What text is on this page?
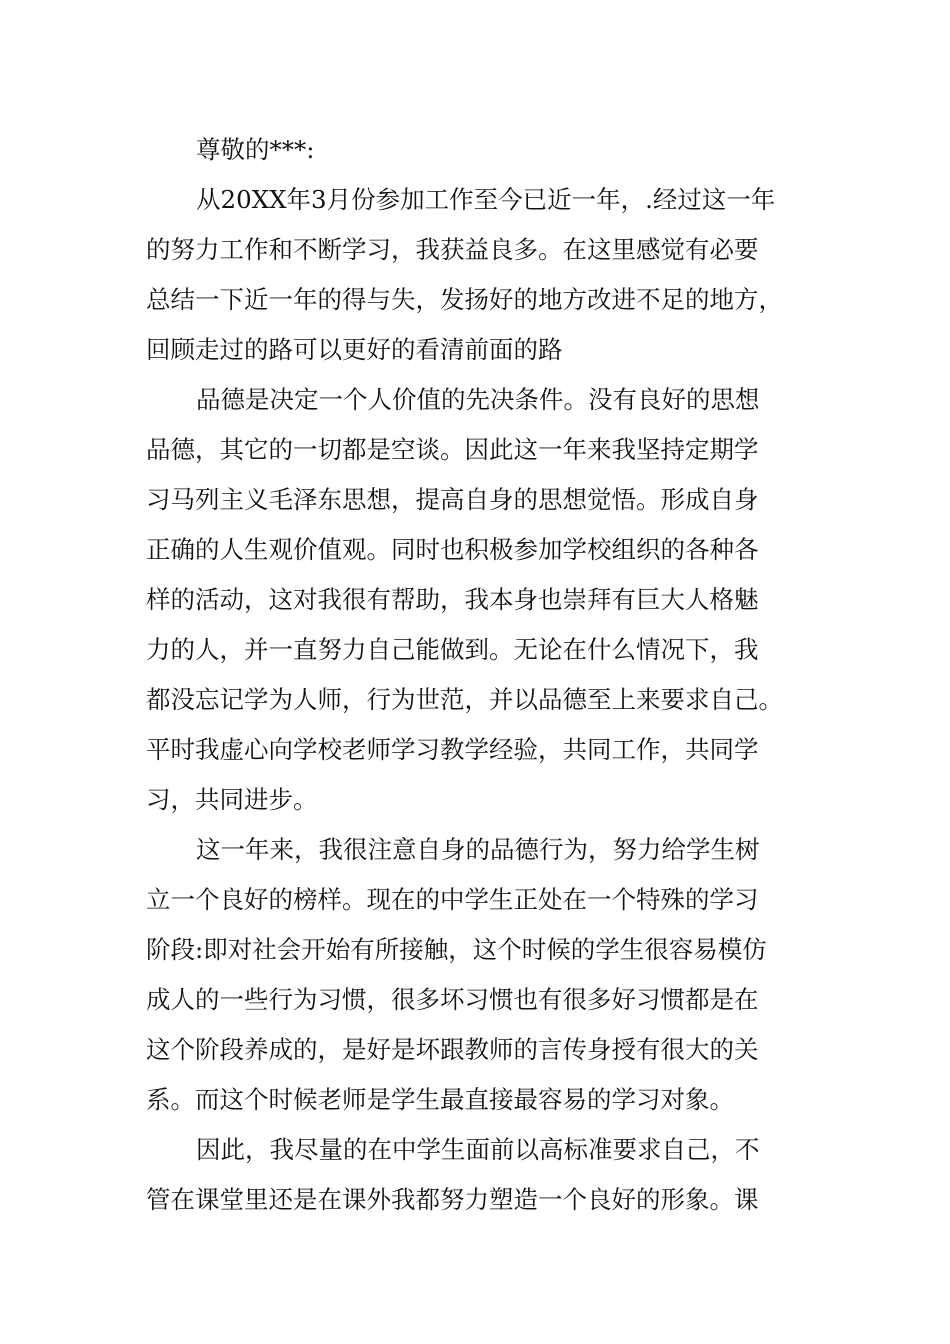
尊敬的***:

从20XX年3月份参加工作至今已近一年，.经过这一年

的努力工作和不断学习，我获益良多。在这里感觉有必要

总结一下近一年的得与失，发扬好的地方改进不足的地方，

回顾走过的路可以更好的看清前面的路

品德是决定一个人价值的先决条件。没有良好的思想

品德，其它的一切都是空谈。因此这一年来我坚持定期学

习马列主义毛泽东思想，提高自身的思想觉悟。形成自身

正确的人生观价值观。同时也积极参加学校组织的各种各

样的活动，这对我很有帮助，我本身也崇拜有巨大人格魅

力的人，并一直努力自己能做到。无论在什么情况下，我

都没忘记学为人师，行为世范，并以品德至上来要求自己。

平时我虚心向学校老师学习教学经验，共同工作，共同学

习，共同进步。

这一年来，我很注意自身的品德行为，努力给学生树

立一个良好的榜样。现在的中学生正处在一个特殊的学习

阶段:即对社会开始有所接触，这个时候的学生很容易模仿

成人的一些行为习惯，很多坏习惯也有很多好习惯都是在

这个阶段养成的，是好是坏跟教师的言传身授有很大的关

系。而这个时候老师是学生最直接最容易的学习对象。

因此，我尽量的在中学生面前以高标准要求自己，不

管在课堂里还是在课外我都努力塑造一个良好的形象。课
